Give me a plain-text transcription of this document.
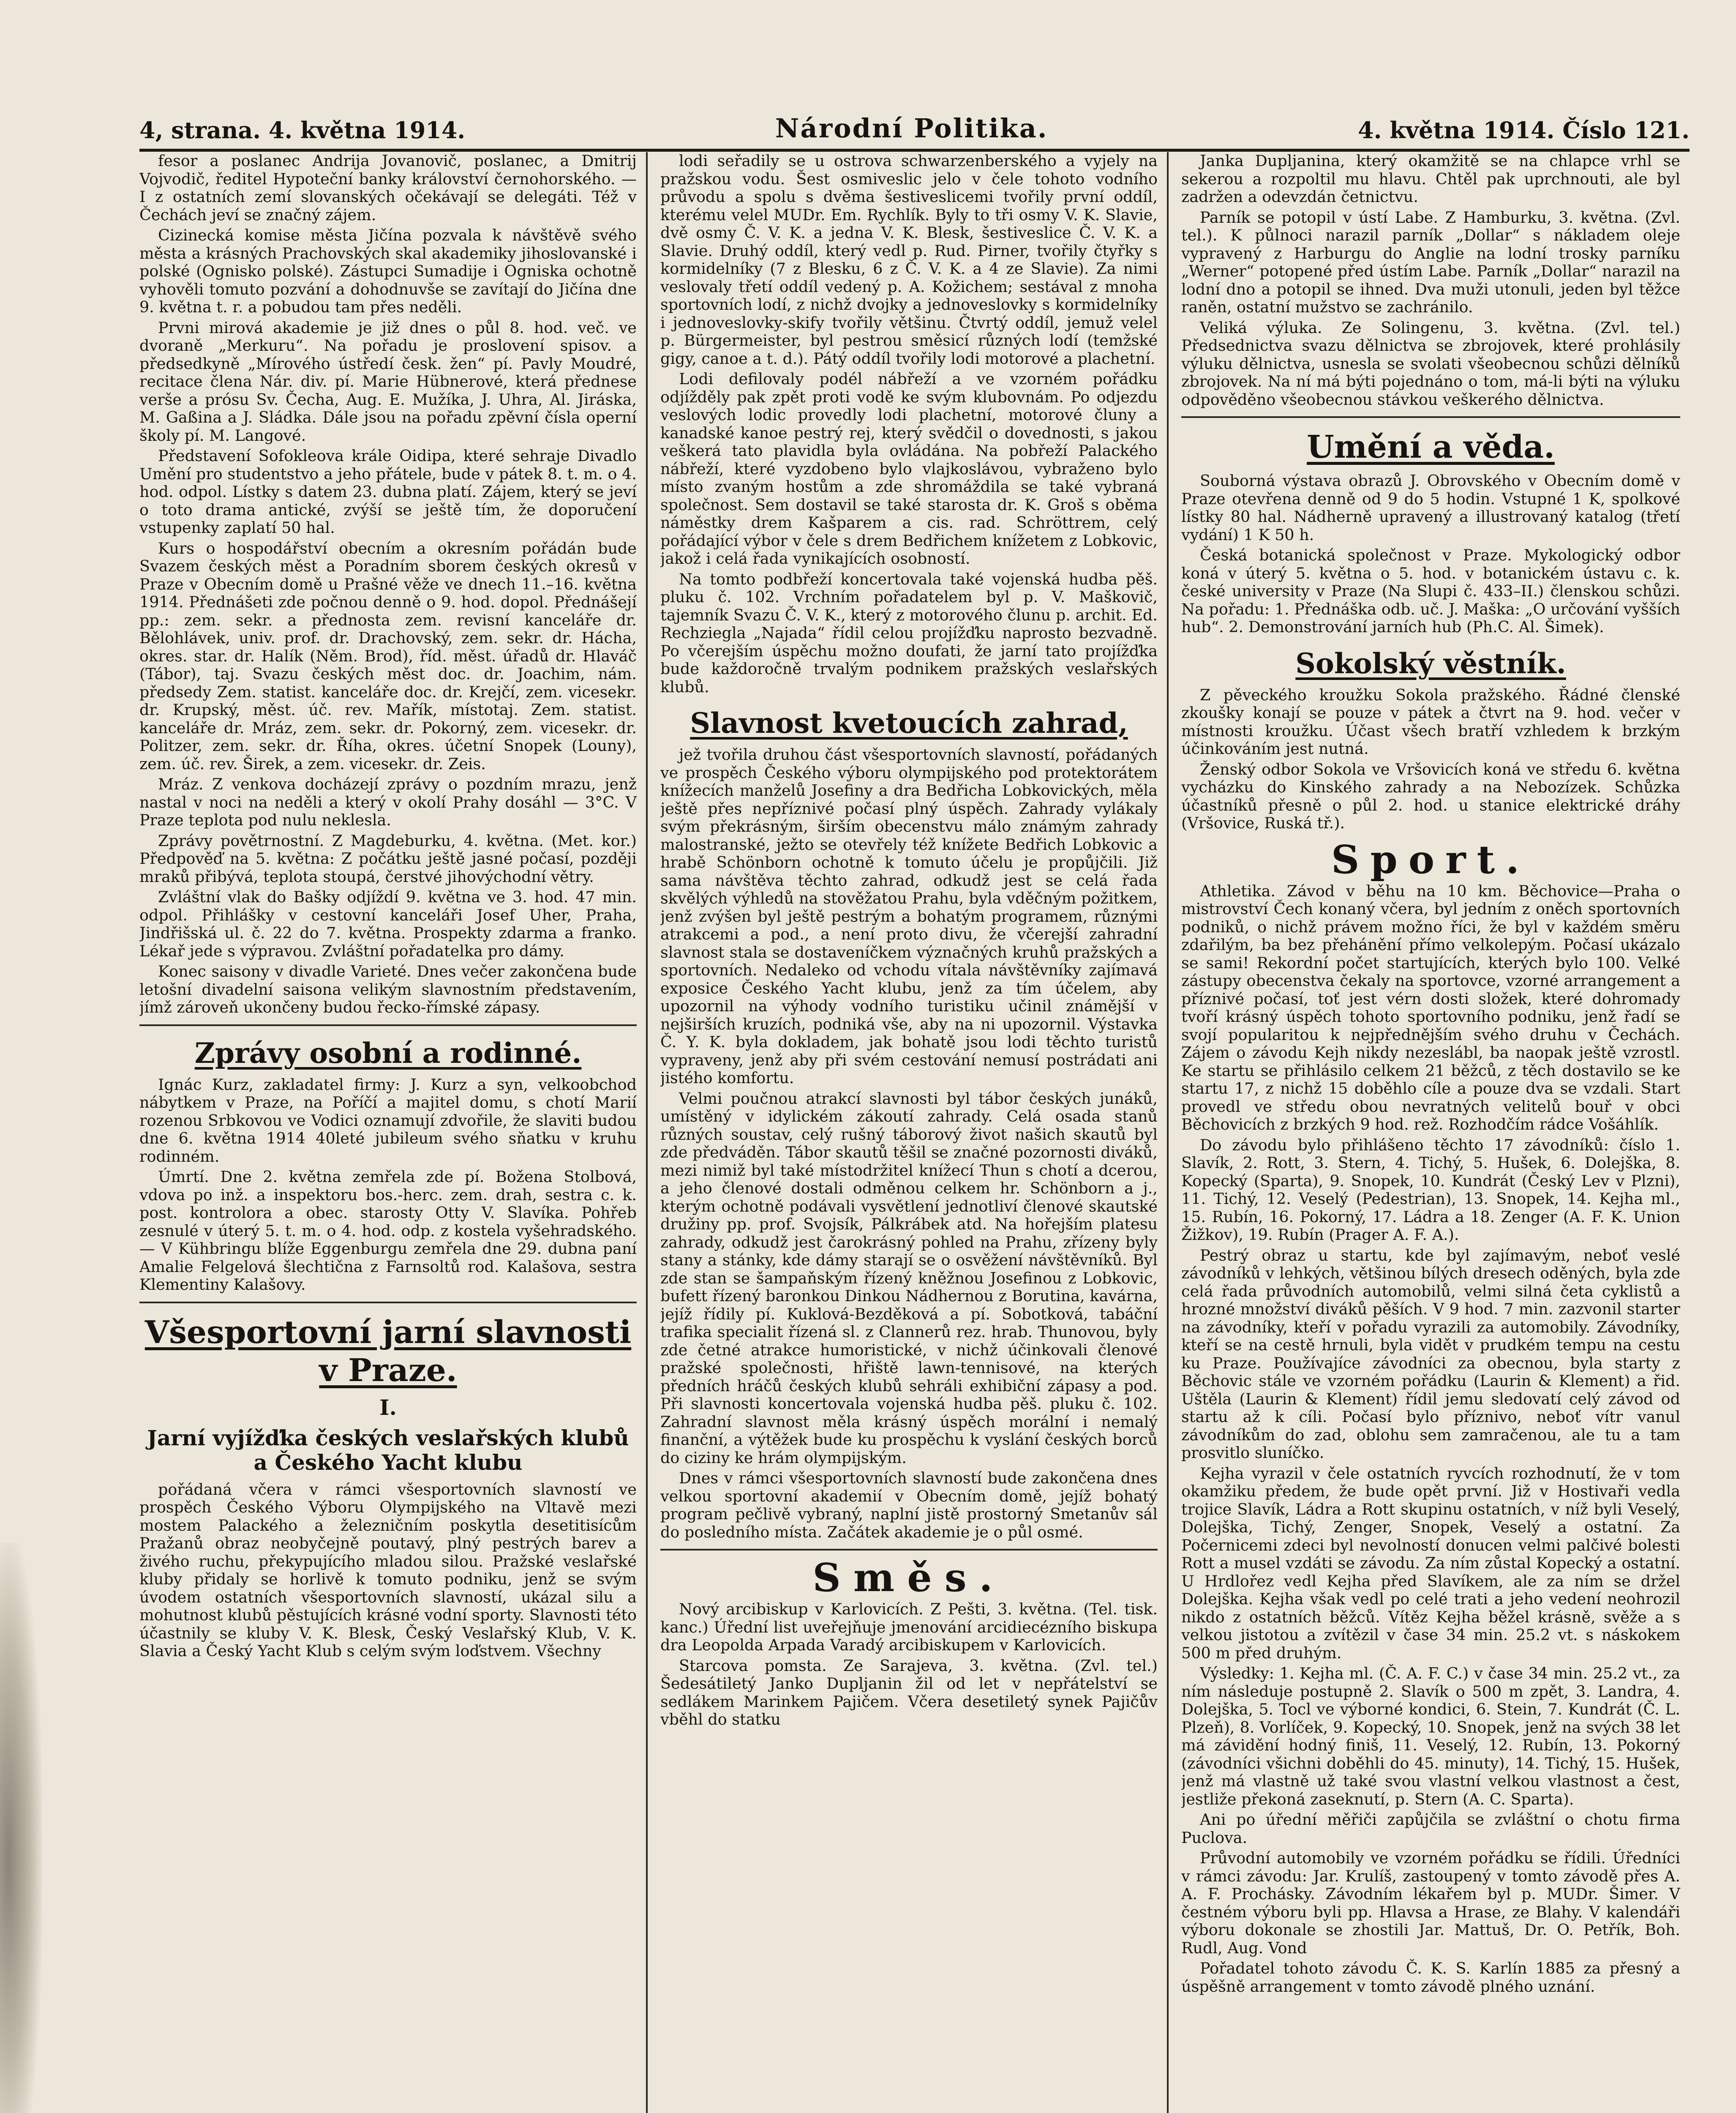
4, strana. 4. května 1914.	Národní Politika.	4. května 1914. Číslo 121.

fesor a poslanec Andrija Jovanovič, poslanec, a Dmitrij Vojvodič, ředitel Hypoteční banky království černohorského. — I z ostatních zemí slovanských očekávají se delegáti. Též v Čechách jeví se značný zájem.

Cizinecká komise města Jičína pozvala k návštěvě svého města a krásných Prachovských skal akademiky jihoslovanské i polské (Ognisko polské). Zástupci Sumadije i Ogniska ochotně vyhověli tomuto pozvání a dohodnuvše se zavítají do Jičína dne 9. května t. r. a pobudou tam přes neděli.

Prvni mirová akademie je již dnes o půl 8. hod. več. ve dvoraně „Merkuru“. Na pořadu je proslovení spisov. a předsedkyně „Mírového ústředí česk. žen“ pí. Pavly Moudré, recitace člena Nár. div. pí. Marie Hübnerové, která přednese verše a prósu Sv. Čecha, Aug. E. Mužíka, J. Uhra, Al. Jiráska, M. Gaßina a J. Sládka. Dále jsou na pořadu zpěvní čísla operní školy pí. M. Langové.

Představení Sofokleova krále Oidipa, které sehraje Divadlo Umění pro studentstvo a jeho přátele, bude v pátek 8. t. m. o 4. hod. odpol. Lístky s datem 23. dubna platí. Zájem, který se jeví o toto drama antické, zvýší se ještě tím, že doporučení vstupenky zaplatí 50 hal.

Kurs o hospodářství obecním a okresním pořádán bude Svazem českých měst a Poradním sborem českých okresů v Praze v Obecním domě u Prašné věže ve dnech 11.–16. května 1914. Přednášeti zde počnou denně o 9. hod. dopol. Přednášejí pp.: zem. sekr. a přednosta zem. revisní kanceláře dr. Bělohlávek, univ. prof. dr. Drachovský, zem. sekr. dr. Hácha, okres. star. dr. Halík (Něm. Brod), říd. měst. úřadů dr. Hlaváč (Tábor), taj. Svazu českých měst doc. dr. Joachim, nám. předsedy Zem. statist. kanceláře doc. dr. Krejčí, zem. vicesekr. dr. Krupský, měst. úč. rev. Mařík, místotaj. Zem. statist. kanceláře dr. Mráz, zem. sekr. dr. Pokorný, zem. vicesekr. dr. Politzer, zem. sekr. dr. Říha, okres. účetní Snopek (Louny), zem. úč. rev. Širek, a zem. vicesekr. dr. Zeis.

Mráz. Z venkova docházejí zprávy o pozdním mrazu, jenž nastal v noci na neděli a který v okolí Prahy dosáhl — 3°C. V Praze teplota pod nulu neklesla.

Zprávy povětrnostní. Z Magdeburku, 4. května. (Met. kor.) Předpověď na 5. května: Z počátku ještě jasné počasí, později mraků přibývá, teplota stoupá, čerstvé jihovýchodní větry.

Zvláštní vlak do Bašky odjíždí 9. května ve 3. hod. 47 min. odpol. Přihlášky v cestovní kanceláři Josef Uher, Praha, Jindřišská ul. č. 22 do 7. května. Prospekty zdarma a franko. Lékař jede s výpravou. Zvláštní pořadatelka pro dámy.

Konec saisony v divadle Varieté. Dnes večer zakončena bude letošní divadelní saisona velikým slavnostním představením, jímž zároveň ukončeny budou řecko-římské zápasy.

Zprávy osobní a rodinné.

Ignác Kurz, zakladatel firmy: J. Kurz a syn, velkoobchod nábytkem v Praze, na Poříčí a majitel domu, s chotí Marií rozenou Srbkovou ve Vodici oznamují zdvořile, že slaviti budou dne 6. května 1914 40leté jubileum svého sňatku v kruhu rodinném.

Úmrtí. Dne 2. května zemřela zde pí. Božena Stolbová, vdova po inž. a inspektoru bos.-herc. zem. drah, sestra c. k. post. kontrolora a obec. starosty Otty V. Slavíka. Pohřeb zesnulé v úterý 5. t. m. o 4. hod. odp. z kostela vyšehradského. — V Kühbringu blíže Eggenburgu zemřela dne 29. dubna paní Amalie Felgelová šlechtična z Farnsoltů rod. Kalašova, sestra Klementiny Kalašovy.

Všesportovní jarní slavnosti v Praze.
I.
Jarní vyjížďka českých veslařských klubů a Českého Yacht klubu

pořádaná včera v rámci všesportovních slavností ve prospěch Českého Výboru Olympijského na Vltavě mezi mostem Palackého a železničním poskytla desetitisícům Pražanů obraz neobyčejně poutavý, plný pestrých barev a živého ruchu, překypujícího mladou silou. Pražské veslařské kluby přidaly se horlivě k tomuto podniku, jenž se svým úvodem ostatních všesportovních slavností, ukázal silu a mohutnost klubů pěstujících krásné vodní sporty. Slavnosti této účastnily se kluby V. K. Blesk, Český Veslařský Klub, V. K. Slavia a Český Yacht Klub s celým svým loďstvem. Všechny

lodi seřadily se u ostrova schwarzenberského a vyjely na pražskou vodu. Šest osmiveslic jelo v čele tohoto vodního průvodu a spolu s dvěma šestiveslicemi tvořily první oddíl, kterému velel MUDr. Em. Rychlík. Byly to tři osmy V. K. Slavie, dvě osmy Č. V. K. a jedna V. K. Blesk, šestiveslice Č. V. K. a Slavie. Druhý oddíl, který vedl p. Rud. Pirner, tvořily čtyřky s kormidelníky (7 z Blesku, 6 z Č. V. K. a 4 ze Slavie). Za nimi veslovaly třetí oddíl vedený p. A. Kožichem; sestával z mnoha sportovních lodí, z nichž dvojky a jednoveslovky s kormidelníky i jednoveslovky-skify tvořily většinu. Čtvrtý oddíl, jemuž velel p. Bürgermeister, byl pestrou směsicí různých lodí (temžské gigy, canoe a t. d.). Pátý oddíl tvořily lodi motorové a plachetní.

Lodi defilovaly podél nábřeží a ve vzorném pořádku odjížděly pak zpět proti vodě ke svým klubovnám. Po odjezdu veslových lodic provedly lodi plachetní, motorové čluny a kanadské kanoe pestrý rej, který svědčil o dovednosti, s jakou veškerá tato plavidla byla ovládána. Na pobřeží Palackého nábřeží, které vyzdobeno bylo vlajkoslávou, vybraženo bylo místo zvaným hostům a zde shromáždila se také vybraná společnost. Sem dostavil se také starosta dr. K. Groš s oběma náměstky drem Kašparem a cis. rad. Schröttrem, celý pořádající výbor v čele s drem Bedřichem knížetem z Lobkovic, jakož i celá řada vynikajících osobností.

Na tomto podbřeží koncertovala také vojenská hudba pěš. pluku č. 102. Vrchním pořadatelem byl p. V. Maškovič, tajemník Svazu Č. V. K., který z motorového člunu p. archit. Ed. Rechziegla „Najada“ řídil celou projížďku naprosto bezvadně. Po včerejším úspěchu možno doufati, že jarní tato projížďka bude každoročně trvalým podnikem pražských veslařských klubů.

Slavnost kvetoucích zahrad,

jež tvořila druhou část všesportovních slavností, pořádaných ve prospěch Českého výboru olympijského pod protektorátem knížecích manželů Josefiny a dra Bedřicha Lobkovických, měla ještě přes nepříznivé počasí plný úspěch. Zahrady vylákaly svým překrásným, širším obecenstvu málo známým zahrady malostranské, ježto se otevřely též knížete Bedřich Lobkovic a hrabě Schönborn ochotně k tomuto účelu je propůjčili. Již sama návštěva těchto zahrad, odkudž jest se celá řada skvělých výhledů na stověžatou Prahu, byla vděčným požitkem, jenž zvýšen byl ještě pestrým a bohatým programem, různými atrakcemi a pod., a není proto divu, že včerejší zahradní slavnost stala se dostaveníčkem význačných kruhů pražských a sportovních. Nedaleko od vchodu vítala návštěvníky zajímavá exposice Českého Yacht klubu, jenž za tím účelem, aby upozornil na výhody vodního turistiku učinil známější v nejširších kruzích, podniká vše, aby na ni upozornil. Výstavka Č. Y. K. byla dokladem, jak bohatě jsou lodi těchto turistů vypraveny, jenž aby při svém cestování nemusí postrádati ani jistého komfortu.

Velmi poučnou atrakcí slavnosti byl tábor českých junáků, umístěný v idylickém zákoutí zahrady. Celá osada stanů různých soustav, celý rušný táborový život našich skautů byl zde předváděn. Tábor skautů těšil se značné pozornosti diváků, mezi nimiž byl také místodržitel knížecí Thun s chotí a dcerou, a jeho členové dostali odměnou celkem hr. Schönborn a j., kterým ochotně podávali vysvětlení jednotliví členové skautské družiny pp. prof. Svojsík, Pálkrábek atd. Na hořejším platesu zahrady, odkudž jest čarokrásný pohled na Prahu, zřízeny byly stany a stánky, kde dámy starají se o osvěžení návštěvníků. Byl zde stan se šampaňským řízený kněžnou Josefinou z Lobkovic, bufett řízený baronkou Dinkou Nádhernou z Borutina, kavárna, jejíž řídily pí. Kuklová-Bezděková a pí. Sobotková, tabáční trafika specialit řízená sl. z Clannerů rez. hrab. Thunovou, byly zde četné atrakce humoristické, v nichž účinkovali členové pražské společnosti, hřiště lawn-tennisové, na kterých předních hráčů českých klubů sehráli exhibiční zápasy a pod. Při slavnosti koncertovala vojenská hudba pěš. pluku č. 102. Zahradní slavnost měla krásný úspěch morální i nemalý finanční, a výtěžek bude ku prospěchu k vyslání českých borců do ciziny ke hrám olympijským.

Dnes v rámci všesportovních slavností bude zakončena dnes velkou sportovní akademií v Obecním domě, jejíž bohatý program pečlivě vybraný, naplní jistě prostorný Smetanův sál do posledního místa. Začátek akademie je o půl osmé.

Směs.

Nový arcibiskup v Karlovicích. Z Pešti, 3. května. (Tel. tisk. kanc.) Úřední list uveřejňuje jmenování arcidiecézního biskupa dra Leopolda Arpada Varadý arcibiskupem v Karlovicích.

Starcova pomsta. Ze Sarajeva, 3. května. (Zvl. tel.) Šedesátiletý Janko Dupljanin žil od let v nepřátelství se sedlákem Marinkem Pajičem. Včera desetiletý synek Pajičův vběhl do statku

Janka Dupljanina, který okamžitě se na chlapce vrhl se sekerou a rozpoltil mu hlavu. Chtěl pak uprchnouti, ale byl zadržen a odevzdán četnictvu.

Parník se potopil v ústí Labe. Z Hamburku, 3. května. (Zvl. tel.). K půlnoci narazil parník „Dollar“ s nákladem oleje vypravený z Harburgu do Anglie na lodní trosky parníku „Werner“ potopené před ústím Labe. Parník „Dollar“ narazil na lodní dno a potopil se ihned. Dva muži utonuli, jeden byl těžce raněn, ostatní mužstvo se zachránilo.

Veliká výluka. Ze Solingenu, 3. května. (Zvl. tel.) Předsednictva svazu dělnictva se zbrojovek, které prohlásily výluku dělnictva, usnesla se svolati všeobecnou schůzi dělníků zbrojovek. Na ní má býti pojednáno o tom, má-li býti na výluku odpověděno všeobecnou stávkou veškerého dělnictva.

Umění a věda.

Souborná výstava obrazů J. Obrovského v Obecním domě v Praze otevřena denně od 9 do 5 hodin. Vstupné 1 K, spolkové lístky 80 hal. Nádherně upravený a illustrovaný katalog (třetí vydání) 1 K 50 h.

Česká botanická společnost v Praze. Mykologický odbor koná v úterý 5. května o 5. hod. v botanickém ústavu c. k. české university v Praze (Na Slupi č. 433–II.) členskou schůzi. Na pořadu: 1. Přednáška odb. uč. J. Maška: „O určování vyšších hub“. 2. Demonstrování jarních hub (Ph.C. Al. Šimek).

Sokolský věstník.

Z pěveckého kroužku Sokola pražského. Řádné členské zkoušky konají se pouze v pátek a čtvrt na 9. hod. večer v místnosti kroužku. Účast všech bratří vzhledem k brzkým účinkováním jest nutná.

Ženský odbor Sokola ve Vršovicích koná ve středu 6. května vycházku do Kinského zahrady a na Nebozízek. Schůzka účastníků přesně o půl 2. hod. u stanice elektrické dráhy (Vršovice, Ruská tř.).

Sport.

Athletika. Závod v běhu na 10 km. Běchovice—Praha o mistrovství Čech konaný včera, byl jedním z oněch sportovních podniků, o nichž právem možno říci, že byl v každém směru zdařilým, ba bez přehánění přímo velkolepým. Počasí ukázalo se sami! Rekordní počet startujících, kterých bylo 100. Velké zástupy obecenstva čekaly na sportovce, vzorné arrangement a příznivé počasí, toť jest vérn dosti složek, které dohromady tvoří krásný úspěch tohoto sportovního podniku, jenž řadí se svojí popularitou k nejpřednějším svého druhu v Čechách. Zájem o závodu Kejh nikdy nezeslábl, ba naopak ještě vzrostl. Ke startu se přihlásilo celkem 21 běžců, z těch dostavilo se ke startu 17, z nichž 15 doběhlo cíle a pouze dva se vzdali. Start provedl ve středu obou nevratných velitelů bouř v obci Běchovicích z brzkých 9 hod. rež. Rozhodčím rádce Vošáhlík.

Do závodu bylo přihlášeno těchto 17 závodníků: číslo 1. Slavík, 2. Rott, 3. Stern, 4. Tichý, 5. Hušek, 6. Dolejška, 8. Kopecký (Sparta), 9. Snopek, 10. Kundrát (Český Lev v Plzni), 11. Tichý, 12. Veselý (Pedestrian), 13. Snopek, 14. Kejha ml., 15. Rubín, 16. Pokorný, 17. Ládra a 18. Zenger (A. F. K. Union Žižkov), 19. Rubín (Prager A. F. A.).

Pestrý obraz u startu, kde byl zajímavým, neboť veslé závodníků v lehkých, většinou bílých dresech oděných, byla zde celá řada průvodních automobilů, velmi silná četa cyklistů a hrozné množství diváků pěších. V 9 hod. 7 min. zazvonil starter na závodníky, kteří v pořadu vyrazili za automobily. Závodníky, kteří se na cestě hrnuli, byla vidět v prudkém tempu na cestu ku Praze. Používajíce závodníci za obecnou, byla starty z Běchovic stále ve vzorném pořádku (Laurin & Klement) a řid. Uštěla (Laurin & Klement) řídil jemu sledovatí celý závod od startu až k cíli. Počasí bylo příznivo, neboť vítr vanul závodníkům do zad, oblohu sem zamračenou, ale tu a tam prosvitlo sluníčko.

Kejha vyrazil v čele ostatních ryvcích rozhodnutí, že v tom okamžiku předem, že bude opět první. Již v Hostivaři vedla trojice Slavík, Ládra a Rott skupinu ostatních, v níž byli Veselý, Dolejška, Tichý, Zenger, Snopek, Veselý a ostatní. Za Počernicemi zdeci byl nevolností donucen velmi palčivé bolesti Rott a musel vzdáti se závodu. Za ním zůstal Kopecký a ostatní. U Hrdlořez vedl Kejha před Slavíkem, ale za ním se držel Dolejška. Kejha však vedl po celé trati a jeho vedení neohrozil nikdo z ostatních běžců. Vítěz Kejha běžel krásně, svěže a s velkou jistotou a zvítězil v čase 34 min. 25.2 vt. s náskokem 500 m před druhým.

Výsledky: 1. Kejha ml. (Č. A. F. C.) v čase 34 min. 25.2 vt., za ním následuje postupně 2. Slavík o 500 m zpět, 3. Landra, 4. Dolejška, 5. Tocl ve výborné kondici, 6. Stein, 7. Kundrát (Č. L. Plzeň), 8. Vorlíček, 9. Kopecký, 10. Snopek, jenž na svých 38 let má závidění hodný finiš, 11. Veselý, 12. Rubín, 13. Pokorný (závodníci všichni doběhli do 45. minuty), 14. Tichý, 15. Hušek, jenž má vlastně už také svou vlastní velkou vlastnost a čest, jestliže překoná zaseknutí, p. Stern (A. C. Sparta).

Ani po úřední měřiči zapůjčila se zvláštní o chotu firma Puclova.

Průvodní automobily ve vzorném pořádku se řídili. Úředníci v rámci závodu: Jar. Krulíš, zastoupený v tomto závodě přes A. A. F. Prochásky. Závodním lékařem byl p. MUDr. Šimer. V čestném výboru byli pp. Hlavsa a Hrase, ze Blahy. V kalendáři výboru dokonale se zhostili Jar. Mattuš, Dr. O. Petřík, Boh. Rudl, Aug. Vond

Pořadatel tohoto závodu Č. K. S. Karlín 1885 za přesný a úspěšně arrangement v tomto závodě plného uznání.
